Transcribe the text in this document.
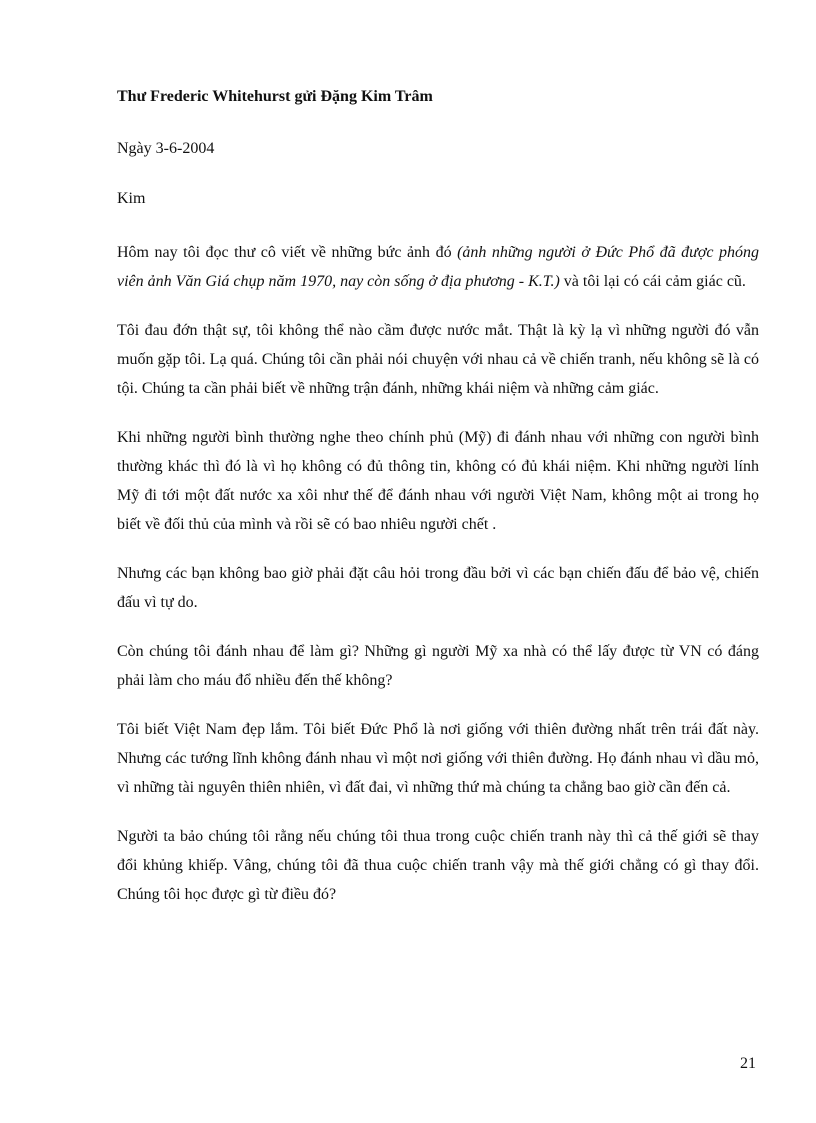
Thư Frederic Whitehurst gửi Đặng Kim Trâm
Ngày 3-6-2004
Kim

Hôm nay tôi đọc thư cô viết về những bức ảnh đó (ảnh những người ở Đức Phổ đã được phóng viên ảnh Văn Giá chụp năm 1970, nay còn sống ở địa phương - K.T.) và tôi lại có cái cảm giác cũ.

Tôi đau đớn thật sự, tôi không thể nào cầm được nước mắt. Thật là kỳ lạ vì những người đó vẫn muốn gặp tôi. Lạ quá. Chúng tôi cần phải nói chuyện với nhau cả về chiến tranh, nếu không sẽ là có tội. Chúng ta cần phải biết về những trận đánh, những khái niệm và những cảm giác.

Khi những người bình thường nghe theo chính phủ (Mỹ) đi đánh nhau với những con người bình thường khác thì đó là vì họ không có đủ thông tin, không có đủ khái niệm. Khi những người lính Mỹ đi tới một đất nước xa xôi như thế để đánh nhau với người Việt Nam, không một ai trong họ biết về đối thủ của mình và rồi sẽ có bao nhiêu người chết .

Nhưng các bạn không bao giờ phải đặt câu hỏi trong đầu bởi vì các bạn chiến đấu để bảo vệ, chiến đấu vì tự do.

Còn chúng tôi đánh nhau để làm gì? Những gì người Mỹ xa nhà có thể lấy được từ VN có đáng phải làm cho máu đổ nhiều đến thế không?

Tôi biết Việt Nam đẹp lắm. Tôi biết Đức Phổ là nơi giống với thiên đường nhất trên trái đất này. Nhưng các tướng lĩnh không đánh nhau vì một nơi giống với thiên đường. Họ đánh nhau vì dầu mỏ, vì những tài nguyên thiên nhiên, vì đất đai, vì những thứ mà chúng ta chẳng bao giờ cần đến cả.

Người ta bảo chúng tôi rằng nếu chúng tôi thua trong cuộc chiến tranh này thì cả thế giới sẽ thay đổi khủng khiếp. Vâng, chúng tôi đã thua cuộc chiến tranh vậy mà thế giới chẳng có gì thay đổi. Chúng tôi học được gì từ điều đó?

21
